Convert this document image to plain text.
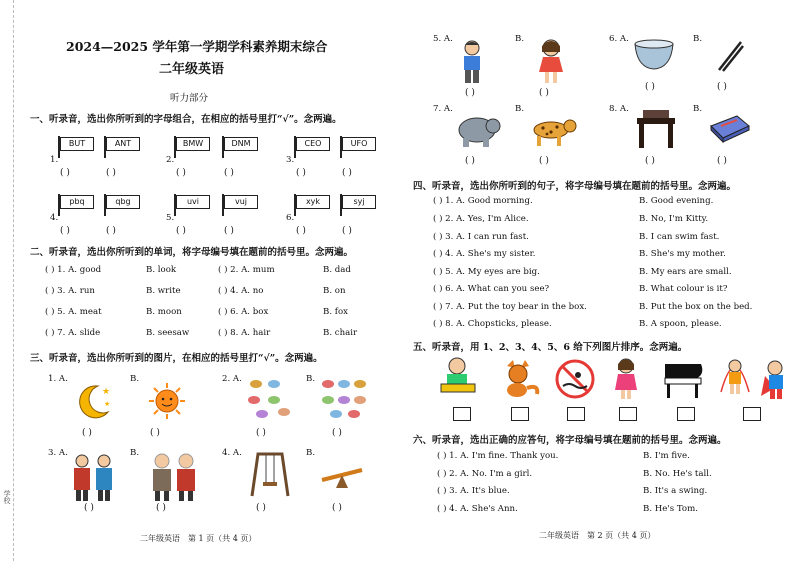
学校
2024—2025 学年第一学期学科素养期末综合
二年级英语
听力部分
一、听录音，选出你所听到的字母组合，在相应的括号里打“√”。念两遍。
1.
BUT	ANT
( )	( )
2.
BMW	DNM
( )	( )
3.
CEO	UFO
( )	( )
4.
pbq	qbg
( )	( )
5.
uvi	vuj
( )	( )
6.
xyk	syj
( )	( )
二、听录音，选出你所听到的单词，将字母编号填在题前的括号里。念两遍。
( ) 1. A. good	B. look	( ) 2. A. mum	B. dad
( ) 3. A. run	B. write	( ) 4. A. no	B. on
( ) 5. A. meat	B. moon	( ) 6. A. box	B. fox
( ) 7. A. slide	B. seesaw	( ) 8. A. hair	B. chair
三、听录音，选出你所听到的图片，在相应的括号里打“√”。念两遍。
1. A.
★
★
B.
( )	( )
2. A.	B.
( )	( )
3. A.	B.
( )	( )
4. A.	B.
( )	( )
二年级英语　第 1 页（共 4 页）
5. A.	B.
( )	( )
6. A.	B.
( )	( )
7. A.	B.
( )	( )
8. A.	B.
( )	( )
四、听录音，选出你所听到的句子，将字母编号填在题前的括号里。念两遍。
( ) 1. A. Good morning.	B. Good evening.
( ) 2. A. Yes, I'm Alice.	B. No, I'm Kitty.
( ) 3. A. I can run fast.	B. I can swim fast.
( ) 4. A. She's my sister.	B. She's my mother.
( ) 5. A. My eyes are big.	B. My ears are small.
( ) 6. A. What can you see?	B. What colour is it?
( ) 7. A. Put the toy bear in the box.	B. Put the box on the bed.
( ) 8. A. Chopsticks, please.	B. A spoon, please.
五、听录音，用 1、2、3、4、5、6 给下列图片排序。念两遍。
六、听录音，选出正确的应答句，将字母编号填在题前的括号里。念两遍。
( ) 1. A. I'm fine. Thank you.	B. I'm five.
( ) 2. A. No. I'm a girl.	B. No. He's tall.
( ) 3. A. It's blue.	B. It's a swing.
( ) 4. A. She's Ann.	B. He's Tom.
二年级英语　第 2 页（共 4 页）
